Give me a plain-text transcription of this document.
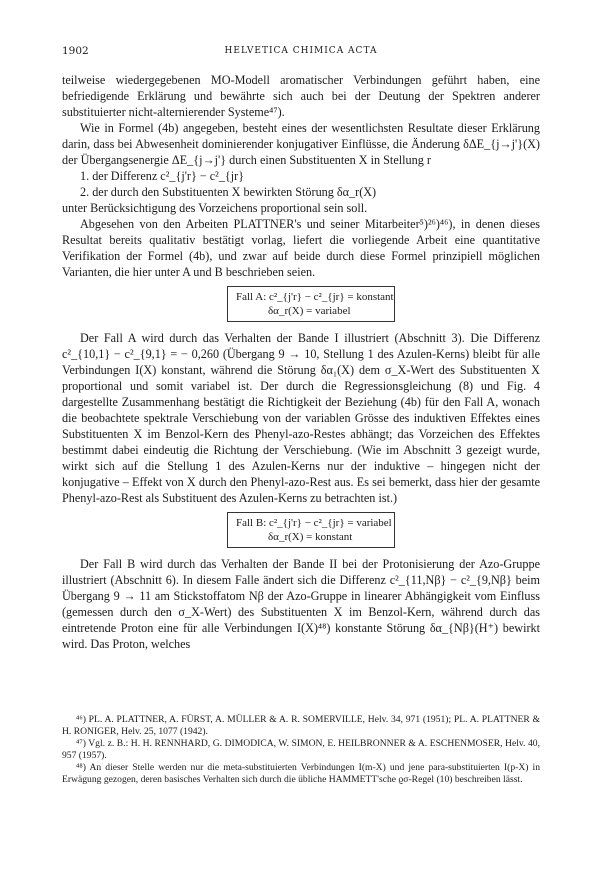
1902	HELVETICA CHIMICA ACTA

teilweise wiedergegebenen MO-Modell aromatischer Verbindungen geführt haben, eine befriedigende Erklärung und bewährte sich auch bei der Deutung der Spektren anderer substituierter nicht-alternierender Systeme⁴⁷).

Wie in Formel (4b) angegeben, besteht eines der wesentlichsten Resultate dieser Erklärung darin, dass bei Abwesenheit dominierender konjugativer Einflüsse, die Änderung δΔE_{j→j'}(X) der Übergangsenergie ΔE_{j→j'} durch einen Substituenten X in Stellung r

1. der Differenz c²_{j'r} − c²_{jr}

2. der durch den Substituenten X bewirkten Störung δα_r(X)

unter Berücksichtigung des Vorzeichens proportional sein soll.

Abgesehen von den Arbeiten PLATTNER's und seiner Mitarbeiter⁵)²⁶)⁴⁶), in denen dieses Resultat bereits qualitativ bestätigt vorlag, liefert die vorliegende Arbeit eine quantitative Verifikation der Formel (4b), und zwar auf beide durch diese Formel prinzipiell möglichen Varianten, die hier unter A und B beschrieben seien.

Fall A: c²_{j'r} − c²_{jr} = konstant
δα_r(X) = variabel

Der Fall A wird durch das Verhalten der Bande I illustriert (Abschnitt 3). Die Differenz c²_{10,1} − c²_{9,1} = − 0,260 (Übergang 9 → 10, Stellung 1 des Azulen-Kerns) bleibt für alle Verbindungen I(X) konstant, während die Störung δα₁(X) dem σ_X-Wert des Substituenten X proportional und somit variabel ist. Der durch die Regressionsgleichung (8) und Fig. 4 dargestellte Zusammenhang bestätigt die Richtigkeit der Beziehung (4b) für den Fall A, wonach die beobachtete spektrale Verschiebung von der variablen Grösse des induktiven Effektes eines Substituenten X im Benzol-Kern des Phenyl-azo-Restes abhängt; das Vorzeichen des Effektes bestimmt dabei eindeutig die Richtung der Verschiebung. (Wie im Abschnitt 3 gezeigt wurde, wirkt sich auf die Stellung 1 des Azulen-Kerns nur der induktive – hingegen nicht der konjugative – Effekt von X durch den Phenyl-azo-Rest aus. Es sei bemerkt, dass hier der gesamte Phenyl-azo-Rest als Substituent des Azulen-Kerns zu betrachten ist.)

Fall B: c²_{j'r} − c²_{jr} = variabel
δα_r(X) = konstant

Der Fall B wird durch das Verhalten der Bande II bei der Protonisierung der Azo-Gruppe illustriert (Abschnitt 6). In diesem Falle ändert sich die Differenz c²_{11,Nβ} − c²_{9,Nβ} beim Übergang 9 → 11 am Stickstoffatom Nβ der Azo-Gruppe in linearer Abhängigkeit vom Einfluss (gemessen durch den σ_X-Wert) des Substituenten X im Benzol-Kern, während durch das eintretende Proton eine für alle Verbindungen I(X)⁴⁸) konstante Störung δα_{Nβ}(H⁺) bewirkt wird. Das Proton, welches

⁴⁶) PL. A. PLATTNER, A. FÜRST, A. MÜLLER & A. R. SOMERVILLE, Helv. 34, 971 (1951); PL. A. PLATTNER & H. RONIGER, Helv. 25, 1077 (1942).

⁴⁷) Vgl. z. B.: H. H. RENNHARD, G. DIMODICA, W. SIMON, E. HEILBRONNER & A. ESCHENMOSER, Helv. 40, 957 (1957).

⁴⁸) An dieser Stelle werden nur die meta-substituierten Verbindungen I(m-X) und jene para-substituierten I(p-X) in Erwägung gezogen, deren basisches Verhalten sich durch die übliche HAMMETT'sche ϱσ-Regel (10) beschreiben lässt.
